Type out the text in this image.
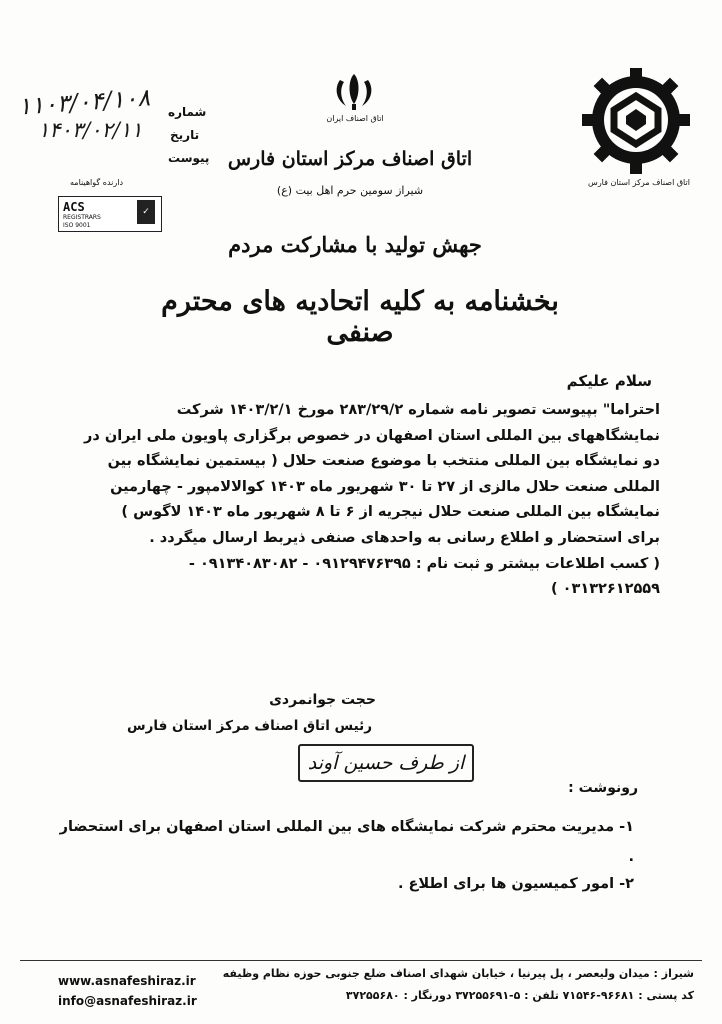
اتاق اصناف مرکز استان فارس
اتاق اصناف ایران
اتاق اصناف مرکز استان فارس
شیراز سومین حرم اهل بیت (ع)
جهش تولید با مشارکت مردم
بخشنامه به کلیه اتحادیه های محترم صنفی
شماره
تاریخ
پیوست
۱۱۰۳/۰۴/۱۰۸
۱۴۰۳/۰۲/۱۱
دارنده گواهینامه
ACS
REGISTRARS
ISO 9001
✓
سلام علیکم

احتراما" بپیوست تصویر نامه شماره ۲۸۳/۲۹/۲ مورخ ۱۴۰۳/۲/۱ شرکت

نمایشگاههای بین المللی استان اصفهان در خصوص برگزاری پاویون ملی ایران در

دو نمایشگاه بین المللی منتخب با موضوع صنعت حلال ( بیستمین نمایشگاه بین

المللی صنعت حلال مالزی از ۲۷ تا ۳۰ شهریور ماه ۱۴۰۳ کوالالامپور - چهارمین

نمایشگاه بین المللی صنعت حلال نیجریه از ۶ تا ۸ شهریور ماه ۱۴۰۳ لاگوس )

برای استحضار و اطلاع رسانی به واحدهای صنفی ذیربط ارسال میگردد .

( کسب اطلاعات بیشتر و ثبت نام : ۰۹۱۲۹۴۷۶۳۹۵ - ۰۹۱۳۴۰۸۳۰۸۲ -

۰۳۱۳۲۶۱۲۵۵۹ )

حجت جوانمردی
رئیس اتاق اصناف مرکز استان فارس
از طرف حسین آوند
رونوشت :
۱- مدیریت محترم شرکت نمایشگاه های بین المللی استان اصفهان برای استحضار .
۲- امور کمیسیون ها برای اطلاع .
www.asnafeshiraz.ir
info@asnafeshiraz.ir
شیراز : میدان ولیعصر ، پل پیرنیا ، خیابان شهدای اصناف ضلع جنوبی حوزه نظام وظیفه
کد پستی : ۹۶۶۸۱-۷۱۵۴۶ تلفن : ۵-۳۷۲۵۵۶۹۱ دورنگار : ۳۷۲۵۵۶۸۰
